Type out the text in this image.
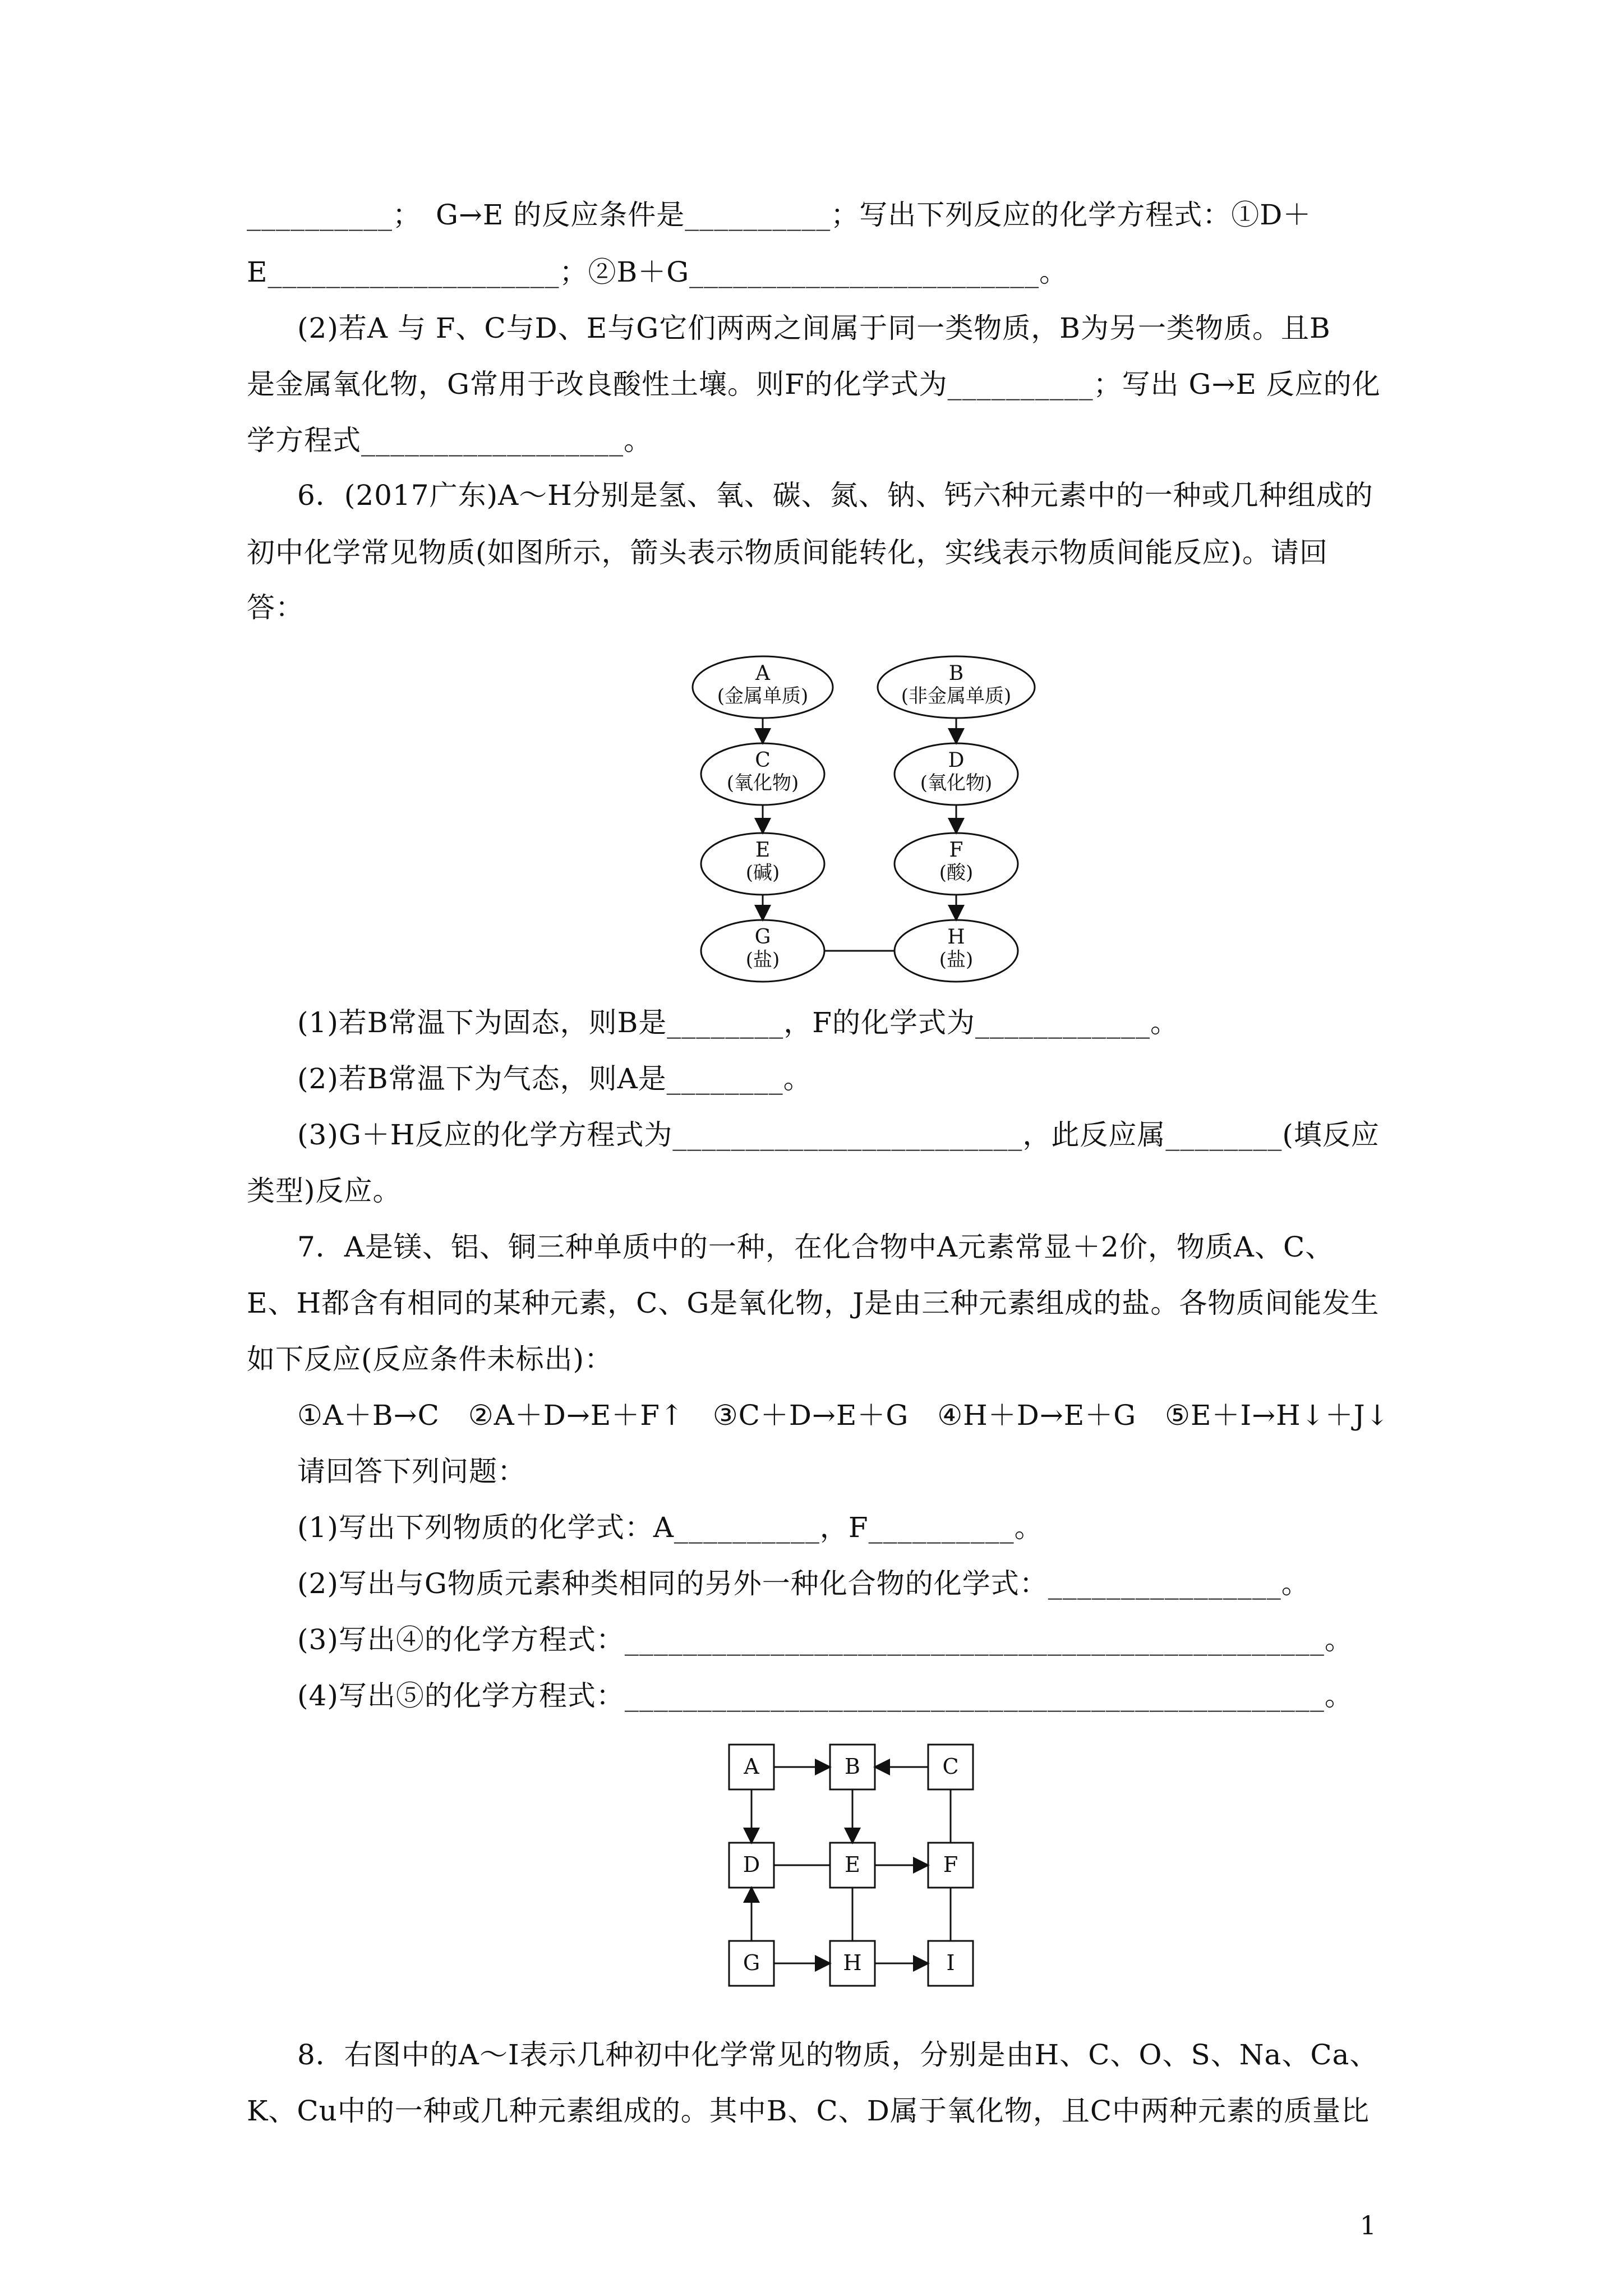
__________；　G→E 的反应条件是__________；写出下列反应的化学方程式：①D＋
E____________________；②B＋G________________________。
(2)若A 与 F、C与D、E与G它们两两之间属于同一类物质，B为另一类物质。且B
是金属氧化物，G常用于改良酸性土壤。则F的化学式为__________；写出 G→E 反应的化
学方程式__________________。
6．(2017广东)A～H分别是氢、氧、碳、氮、钠、钙六种元素中的一种或几种组成的
初中化学常见物质(如图所示，箭头表示物质间能转化，实线表示物质间能反应)。请回
答：
A
(金属单质)
C
(氧化物)
E
(碱)
G
(盐)
B
(非金属单质)
D
(氧化物)
F
(酸)
H
(盐)
(1)若B常温下为固态，则B是________，F的化学式为____________。
(2)若B常温下为气态，则A是________。
(3)G＋H反应的化学方程式为________________________，此反应属________(填反应
类型)反应。
7．A是镁、铝、铜三种单质中的一种，在化合物中A元素常显＋2价，物质A、C、
E、H都含有相同的某种元素，C、G是氧化物，J是由三种元素组成的盐。各物质间能发生
如下反应(反应条件未标出)：
①A＋B→C　②A＋D→E＋F↑　③C＋D→E＋G　④H＋D→E＋G　⑤E＋I→H↓＋J↓
请回答下列问题：
(1)写出下列物质的化学式：A__________，F__________。
(2)写出与G物质元素种类相同的另外一种化合物的化学式：________________。
(3)写出④的化学方程式：________________________________________________。
(4)写出⑤的化学方程式：________________________________________________。
A	B	C
D	E	F
G	H	I
8．右图中的A～I表示几种初中化学常见的物质，分别是由H、C、O、S、Na、Ca、
K、Cu中的一种或几种元素组成的。其中B、C、D属于氧化物，且C中两种元素的质量比
1
